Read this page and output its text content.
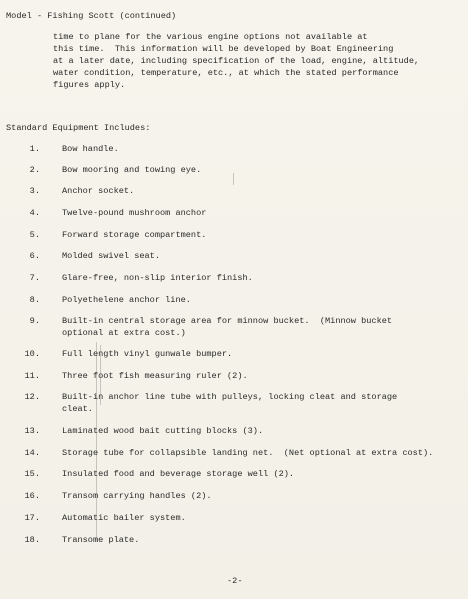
Model - Fishing Scott (continued)
time to plane for the various engine options not available at
this time.  This information will be developed by Boat Engineering
at a later date, including specification of the load, engine, altitude,
water condition, temperature, etc., at which the stated performance
figures apply.
Standard Equipment Includes:
1.	Bow handle.
2.	Bow mooring and towing eye.
3.	Anchor socket.
4.	Twelve-pound mushroom anchor
5.	Forward storage compartment.
6.	Molded swivel seat.
7.	Glare-free, non-slip interior finish.
8.	Polyethelene anchor line.
9.	Built-in central storage area for minnow bucket.  (Minnow bucket
optional at extra cost.)
10.	Full length vinyl gunwale bumper.
11.	Three foot fish measuring ruler (2).
12.	Built-in anchor line tube with pulleys, locking cleat and storage
cleat.
13.	Laminated wood bait cutting blocks (3).
14.	Storage tube for collapsible landing net.  (Net optional at extra cost).
15.	Insulated food and beverage storage well (2).
16.	Transom carrying handles (2).
17.	Automatic bailer system.
18.	Transome plate.
-2-
